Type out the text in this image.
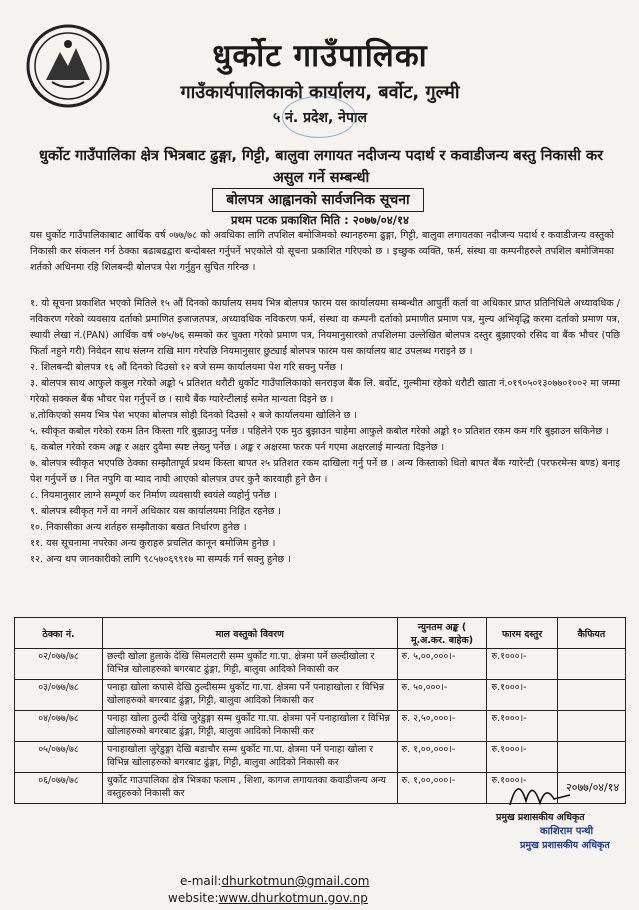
धुर्कोट गाउँपालिका
गाउँकार्यपालिकाको कार्यालय, बर्वोट, गुल्मी
५ नं. प्रदेश, नेपाल
धुर्कोट गाउँपालिका क्षेत्र भित्रबाट ढुङ्गा, गिट्टी, बालुवा लगायत नदीजन्य पदार्थ र कवाडीजन्य बस्तु निकासी कर असुल गर्ने सम्बन्धी
बोलपत्र आह्वानको सार्वजनिक सूचना
प्रथम पटक प्रकाशित मिति : २०७७/०४/१४
यस धुर्कोट गाउँपालिकाबाट आर्थिक वर्ष ०७७/७८ को अवधिका लागि तपशिल बमोजिमको स्थानहरुमा ढुङ्गा, गिट्टी, बालुवा लगायतका नदीजन्य पदार्थ र कवाडीजन्य वस्तुको निकासी कर संकलन गर्न ठेक्का बढाबढद्वारा बन्दोबस्त गर्नुपर्ने भएकोले यो सूचना प्रकाशित गरिएको छ । इच्छुक व्यक्ति, फर्म, संस्था वा कम्पनीहरुले तपशिल बमोजिमका शर्तको अधिनमा रहि शिलबन्दी बोलपत्र पेश गर्नुहुन सुचित गरिन्छ ।

१. यो सूचना प्रकाशित भएको मितिले १५ औं दिनको कार्यालय समय भित्र बोलपत्र फारम यस कार्यालयमा सम्बन्धीत आपुर्ती कर्ता वा अधिकार प्राप्त प्रतिनिधिले अध्यावधिक /नविकरण गरेको व्यवसाय दर्ताको प्रमाणित इजाजतपत्र, अध्यावधिक नविकरण फर्म, संस्था वा कम्पनी दर्ताको प्रमाणीत प्रमाण पत्र, मुल्य अभिवृद्धि करमा दर्ताको प्रमाण पत्र, स्थायी लेखा नं.(PAN) आर्थिक वर्ष ०७५/७६ सम्मको कर चुक्ता गरेको प्रमाण पत्र, नियमानुसारको तपशिलमा उल्लेखित बोलपत्र दस्तुर बुझाएको रसिद वा बैंक भौचर (पछि फिर्ता नहुने गरी) निवेदन साथ संलग्न राखि माग गरेपछि नियमानुसार छुट्याईं बोलपत्र फारम यस कार्यालय बाट उपलब्ध गराइने छ ।

२. शिलबन्दी बोलपत्र १६ औं दिनको दिउसो १२ बजे सम्म कार्यालयमा पेश गरि सक्नु पर्नेछ ।

३. बोलपत्र साथ आफुले कबुल गरेको अङ्को ५ प्रतिशत धरौटी धुर्कोट गाउँपालिकाको सनराइज बैंक लि. बर्वोट, गुल्मीमा रहेको धरौटी खाता नं.०१९०५०१३०७७०१००२ मा जम्मा गरेको सक्कल बैंक भौचर पेश गर्नुपर्ने छ । साथै बैंक ग्यारेन्टीलाई समेत मान्यता दिइने छ ।

४.तोकिएको समय भित्र पेश भएका बोलपत्र सोही दिनको दिउसो २ बजे कार्यालयमा खोलिने छ ।

५. स्वीकृत कबोल गरेको रकम तिन किस्ता गरि बुझाउनु पर्नेछ । पहिलेने एक मुठ बुझाउन चाहेमा आफुले कबोल गरेको अङ्को १० प्रतिशत रकम कम गरि बुझाउन सकिनेछ ।

६. कबोल गरेको रकम अङ्क र अक्षर दुवैमा स्पष्ट लेख्नु पर्नेछ । अङ्क र अक्षरमा फरक पर्न गएमा अक्षरलाई मान्यता दिइनेछ ।

७. बोलपत्र स्वीकृत भएपछि ठेक्का सम्झौतापूर्व प्रथम किस्ता बापत २५ प्रतिशत रकम दाखिला गर्नु पर्ने छ । अन्य किस्ताको धितो बापत बैंक ग्यारेन्टी (परफरमेन्स बण्ड) बनाइ पेश गर्नुपर्ने छ । नित नपुगि वा म्याद नाघी आएको बोलपत्र उपर कुनै कारवाही हुने छैन ।

८. नियमानुसार लाग्ने सम्पूर्ण कर निर्माण व्यवसायी स्वयंले व्यहोर्नु पर्नेछ ।

९. बोलपत्र स्वीकृत गर्ने वा नगर्ने अधिकार यस कार्यालयमा निहित रहनेछ ।

१०. निकासीका अन्य शर्तहरु सम्झौताका बखत निर्धारण हुनेछ ।

११. यस सूचनामा नपरेका अन्य कुराहरु प्रचलित कानून बमोजिम हुनेछ ।

१२. अन्य थप जानकारीको लागि ९८५७०६९९१७ मा सम्पर्क गर्न सक्नु हुनेछ ।

ठेक्का नं.	माल वस्तुको विवरण	न्युनतम अङ्क ( मू.अ.कर. बाहेक)	फारम दस्तुर	कैफियत
०२/०७७/७८	छल्दी खोला हुलाके देखि सिमलटारी सम्म धुर्कोट गा.पा. क्षेत्रमा पर्ने छल्दीखोला र विभिन्न खोलाहरुको बगरबाट ढुंङ्गा, गिट्टी, बालुवा आदिको निकासी कर	रु. ५,००,०००।-	रु.१०००।-	
०३/०७७/७८	पनाहा खोला कपासे देखि ठुल्दीसम्म धुर्कोट गा.पा. क्षेत्रमा पर्ने पनाहाखोला र विभिन्न खोलाहरुको बगरबाट ढुंङ्गा, गिट्टी, बालुवा आदिको निकासी कर	रु. ५०,०००।-	रु.१०००।-	
०४/०७७/७८	पनाहा खोला ठुल्दी देखि जुरेडुङ्गा सम्म धुर्कोट गा.पा. क्षेत्रमा पर्ने पनाहाखोला र विभिन्न खोलाहरुको बगरबाट ढुंङ्गा, गिट्टी, बालुवा आदिको निकासी कर	रु. २,५०,०००।-	रु.१०००।-	
०५/०७७/७८	पनाहाखोला जुरेडुङ्गा देखि बडाचौर सम्म धुर्कोट गा.पा. क्षेत्रमा पर्ने पनाहा खोला र विभिन्न खोलाहरुको बगरबाट ढुंङ्गा, गिट्टी, बालुवा आदिको निकासी कर	रु. १,००,०००।-	रु.१०००।-	
०६/०७७/७८	धुर्कोट गाउपालिका क्षेत्र भित्रका फलाम , शिशा, कागज लगायतका कवाडीजन्य अन्य वस्तुहरुको निकासी कर	रु. १,००,०००।-	रु.१०००।-	
२०७७/०४/१४
प्रमुख प्रशासकीय अधिकृत
काशिराम पन्थी
प्रमुख प्रशासकीय अधिकृत
e-mail:dhurkotmun@gmail.com
website:www.dhurkotmun.gov.np
